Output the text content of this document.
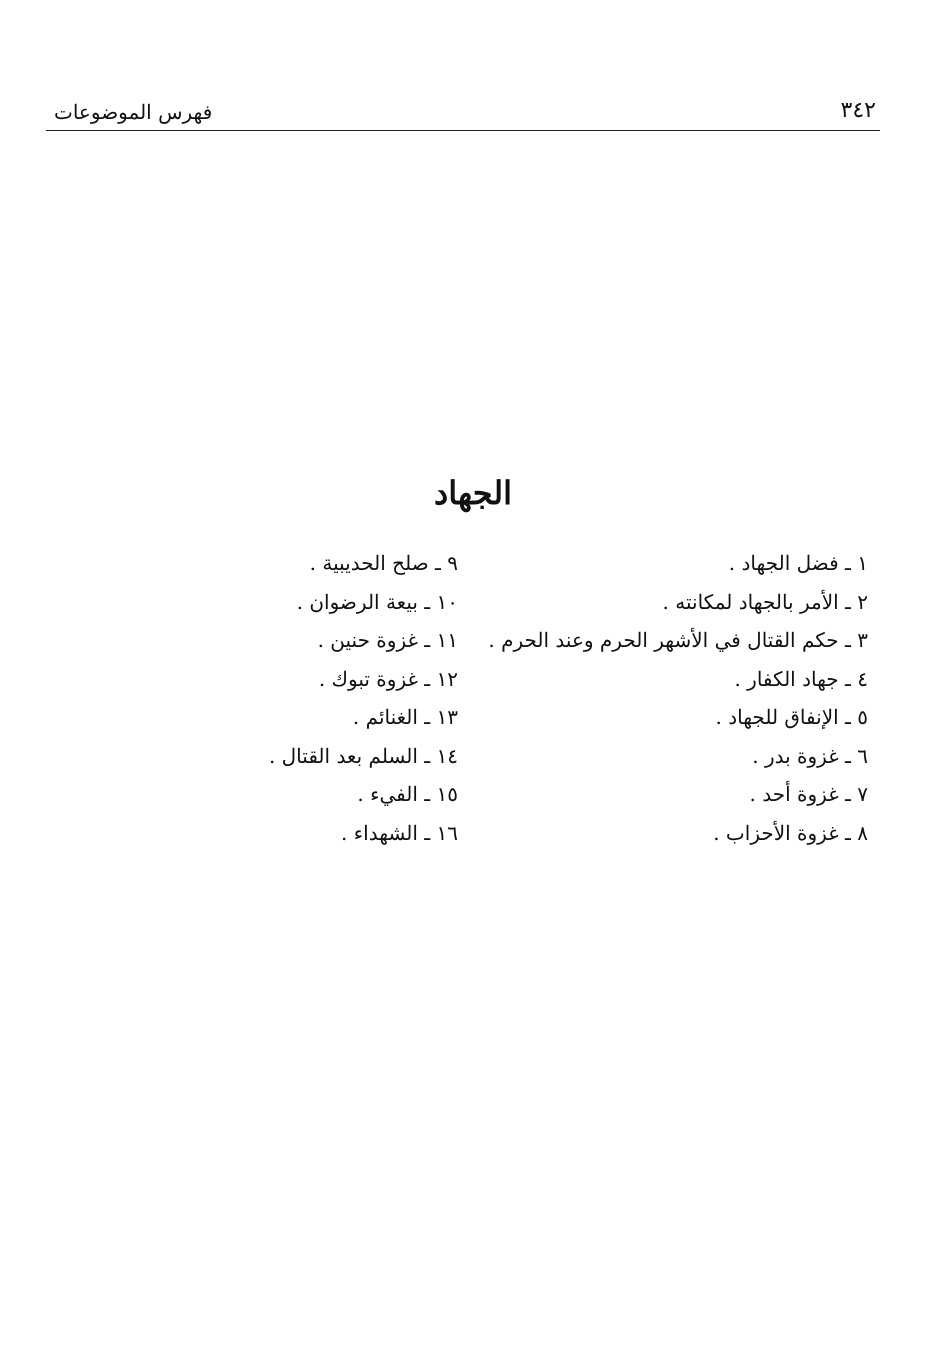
٣٤٢
فهرس الموضوعات
الجهاد
١ ـ فضل الجهاد .
٢ ـ الأمر بالجهاد لمكانته .
٣ ـ حكم القتال في الأشهر الحرم وعند الحرم .
٤ ـ جهاد الكفار .
٥ ـ الإنفاق للجهاد .
٦ ـ غزوة بدر .
٧ ـ غزوة أحد .
٨ ـ غزوة الأحزاب .
٩ ـ صلح الحديبية .
١٠ ـ بيعة الرضوان .
١١ ـ غزوة حنين .
١٢ ـ غزوة تبوك .
١٣ ـ الغنائم .
١٤ ـ السلم بعد القتال .
١٥ ـ الفيء .
١٦ ـ الشهداء .
